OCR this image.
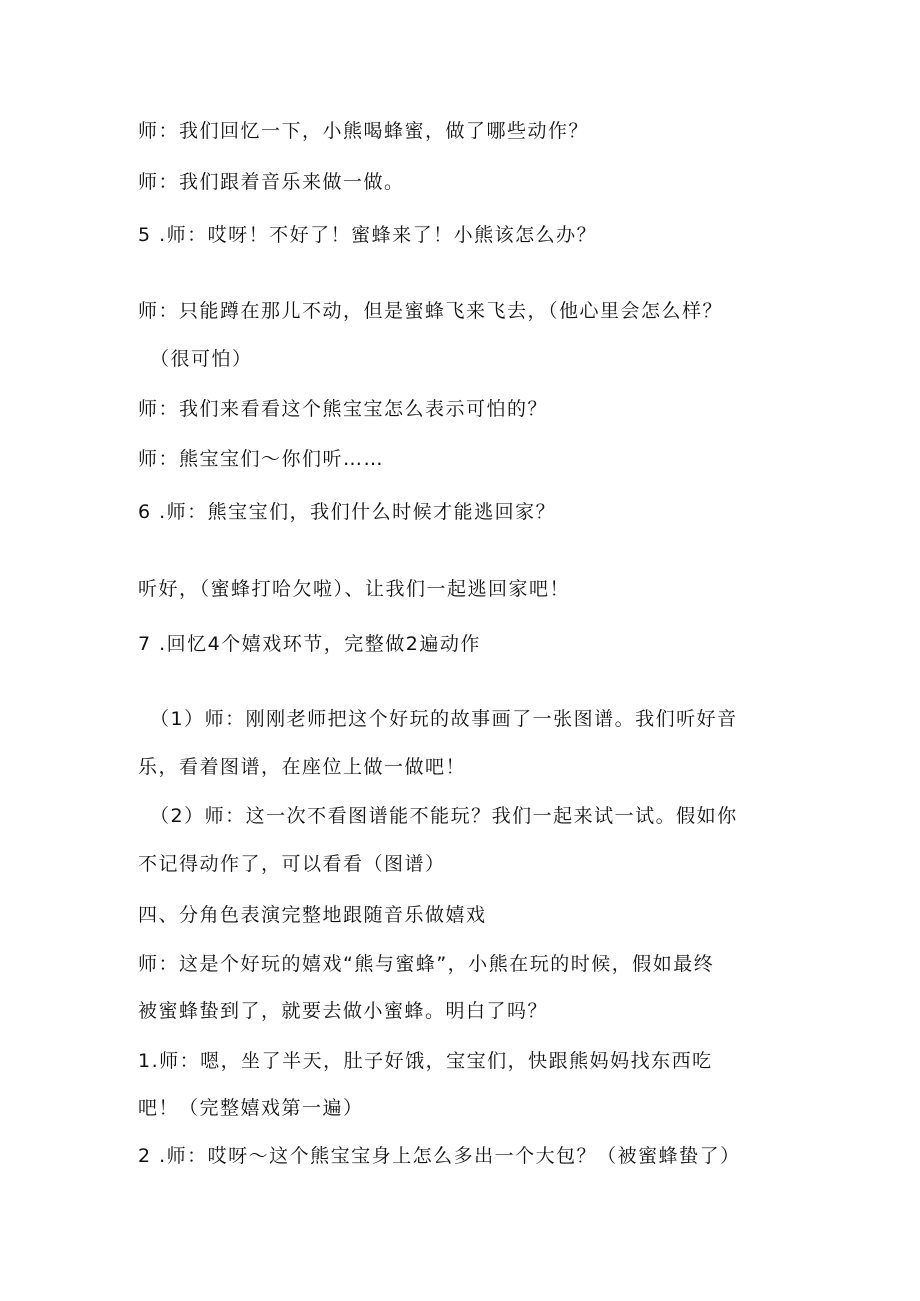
师：我们回忆一下，小熊喝蜂蜜，做了哪些动作？
师：我们跟着音乐来做一做。
5 .师：哎呀！不好了！蜜蜂来了！小熊该怎么办？
师：只能蹲在那儿不动，但是蜜蜂飞来飞去，（他心里会怎么样？
（很可怕）
师：我们来看看这个熊宝宝怎么表示可怕的？
师：熊宝宝们～你们听……
6 .师：熊宝宝们，我们什么时候才能逃回家？
听好，（蜜蜂打哈欠啦）、让我们一起逃回家吧！
7 .回忆4个嬉戏环节，完整做2遍动作
（1）师：刚刚老师把这个好玩的故事画了一张图谱。我们听好音
乐，看着图谱，在座位上做一做吧！
（2）师：这一次不看图谱能不能玩？我们一起来试一试。假如你
不记得动作了，可以看看（图谱）
四、分角色表演完整地跟随音乐做嬉戏
师：这是个好玩的嬉戏“熊与蜜蜂”，小熊在玩的时候，假如最终
被蜜蜂蛰到了，就要去做小蜜蜂。明白了吗？
1.师：嗯，坐了半天，肚子好饿，宝宝们，快跟熊妈妈找东西吃
吧！（完整嬉戏第一遍）
2 .师：哎呀～这个熊宝宝身上怎么多出一个大包？（被蜜蜂蛰了）
